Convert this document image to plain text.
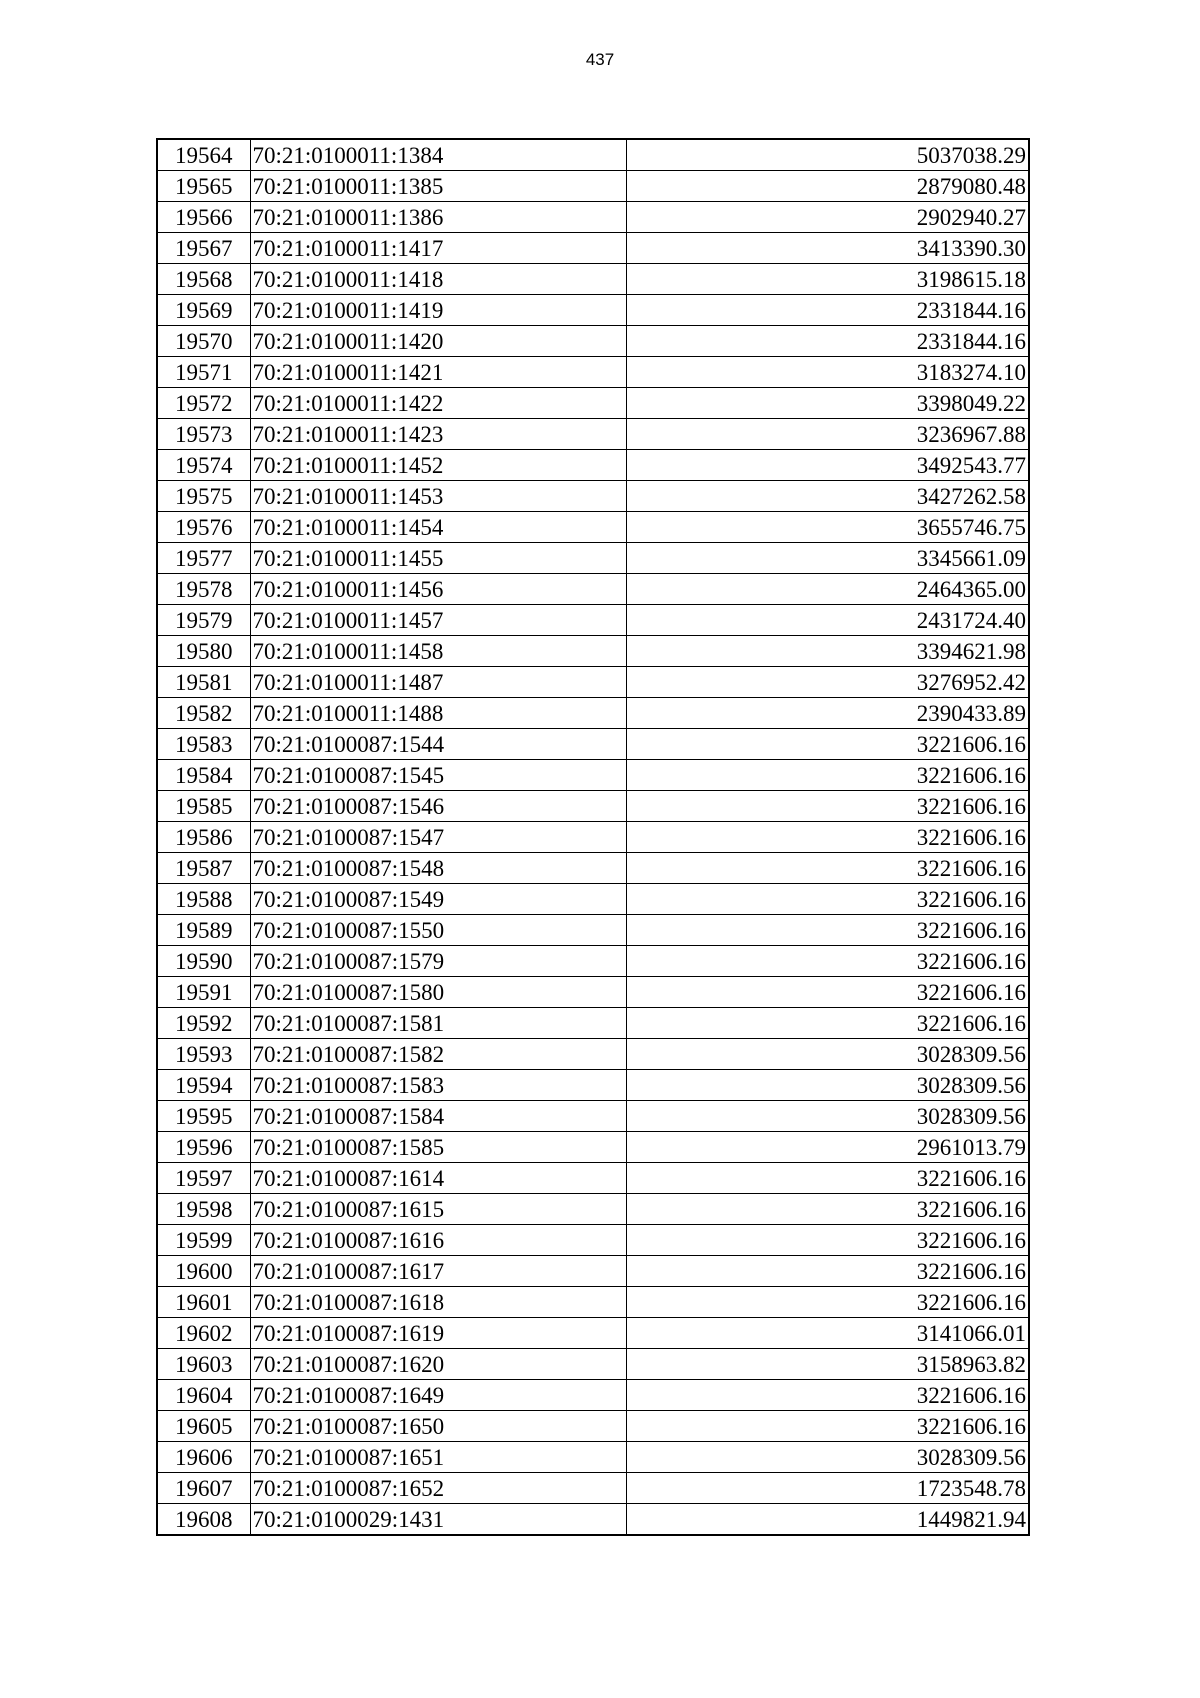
437
19564	70:21:0100011:1384	5037038.29
19565	70:21:0100011:1385	2879080.48
19566	70:21:0100011:1386	2902940.27
19567	70:21:0100011:1417	3413390.30
19568	70:21:0100011:1418	3198615.18
19569	70:21:0100011:1419	2331844.16
19570	70:21:0100011:1420	2331844.16
19571	70:21:0100011:1421	3183274.10
19572	70:21:0100011:1422	3398049.22
19573	70:21:0100011:1423	3236967.88
19574	70:21:0100011:1452	3492543.77
19575	70:21:0100011:1453	3427262.58
19576	70:21:0100011:1454	3655746.75
19577	70:21:0100011:1455	3345661.09
19578	70:21:0100011:1456	2464365.00
19579	70:21:0100011:1457	2431724.40
19580	70:21:0100011:1458	3394621.98
19581	70:21:0100011:1487	3276952.42
19582	70:21:0100011:1488	2390433.89
19583	70:21:0100087:1544	3221606.16
19584	70:21:0100087:1545	3221606.16
19585	70:21:0100087:1546	3221606.16
19586	70:21:0100087:1547	3221606.16
19587	70:21:0100087:1548	3221606.16
19588	70:21:0100087:1549	3221606.16
19589	70:21:0100087:1550	3221606.16
19590	70:21:0100087:1579	3221606.16
19591	70:21:0100087:1580	3221606.16
19592	70:21:0100087:1581	3221606.16
19593	70:21:0100087:1582	3028309.56
19594	70:21:0100087:1583	3028309.56
19595	70:21:0100087:1584	3028309.56
19596	70:21:0100087:1585	2961013.79
19597	70:21:0100087:1614	3221606.16
19598	70:21:0100087:1615	3221606.16
19599	70:21:0100087:1616	3221606.16
19600	70:21:0100087:1617	3221606.16
19601	70:21:0100087:1618	3221606.16
19602	70:21:0100087:1619	3141066.01
19603	70:21:0100087:1620	3158963.82
19604	70:21:0100087:1649	3221606.16
19605	70:21:0100087:1650	3221606.16
19606	70:21:0100087:1651	3028309.56
19607	70:21:0100087:1652	1723548.78
19608	70:21:0100029:1431	1449821.94
